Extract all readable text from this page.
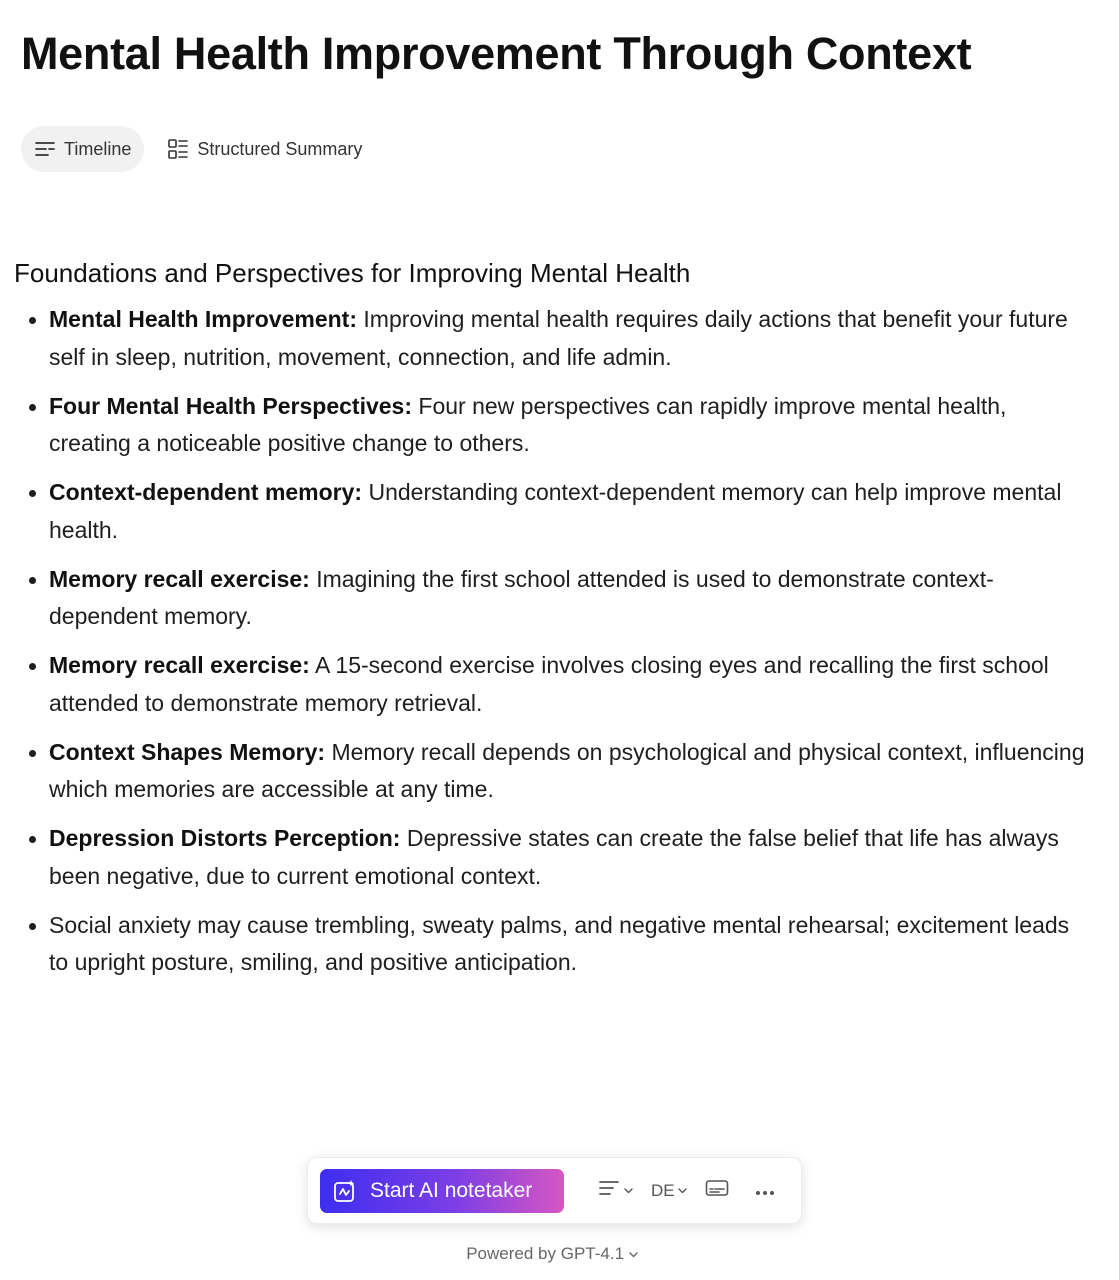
Mental Health Improvement Through Context
Timeline	Structured Summary
Foundations and Perspectives for Improving Mental Health
Mental Health Improvement: Improving mental health requires daily actions that benefit your future self in sleep, nutrition, movement, connection, and life admin.
Four Mental Health Perspectives: Four new perspectives can rapidly improve mental health, creating a noticeable positive change to others.
Context-dependent memory: Understanding context-dependent memory can help improve mental health.
Memory recall exercise: Imagining the first school attended is used to demonstrate context-dependent memory.
Memory recall exercise: A 15-second exercise involves closing eyes and recalling the first school attended to demonstrate memory retrieval.
Context Shapes Memory: Memory recall depends on psychological and physical context, influencing which memories are accessible at any time.
Depression Distorts Perception: Depressive states can create the false belief that life has always been negative, due to current emotional context.
Social anxiety may cause trembling, sweaty palms, and negative mental rehearsal; excitement leads to upright posture, smiling, and positive anticipation.
Start AI notetaker	DE
Powered by GPT-4.1
